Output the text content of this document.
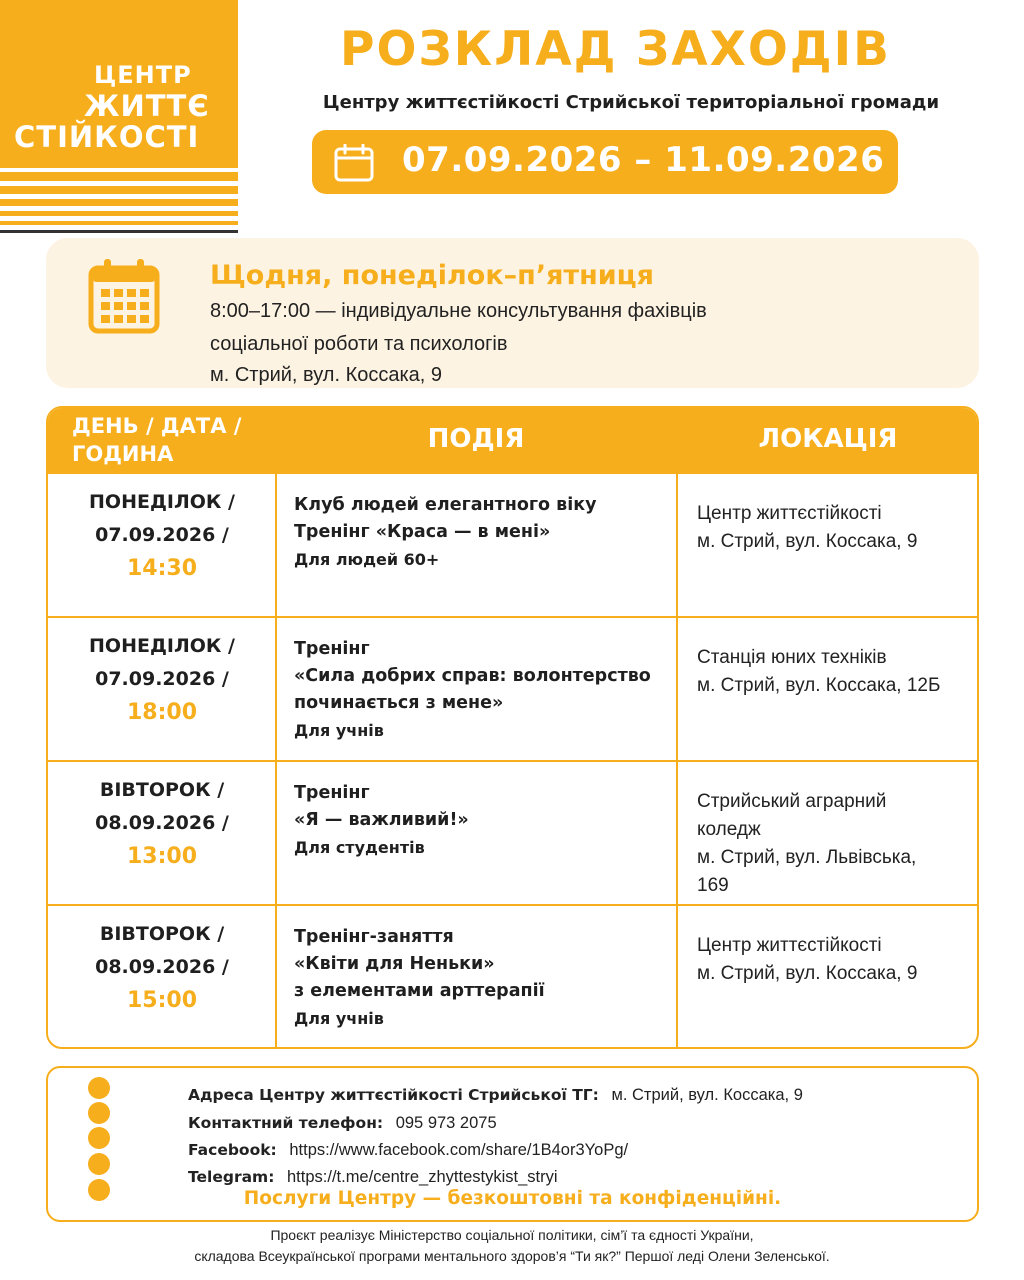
ЦЕНТР
ЖИТТЄ
СТІЙКОСТІ
РОЗКЛАД ЗАХОДІВ
Центру життєстійкості Стрийської територіальної громади
07.09.2026 – 11.09.2026
Щодня, понеділок–п’ятниця
8:00–17:00 — індивідуальне консультування фахівців
соціальної роботи та психологів
м. Стрий, вул. Коссака, 9
ДЕНЬ / ДАТА /
ГОДИНА	ПОДІЯ	ЛОКАЦІЯ
ПОНЕДІЛОК /
07.09.2026 /
14:30
Клуб людей елегантного віку
Тренінг «Краса — в мені»
Для людей 60+
Центр життєстійкості
м. Стрий, вул. Коссака, 9
ПОНЕДІЛОК /
07.09.2026 /
18:00
Тренінг
«Сила добрих справ: волонтерство
починається з мене»
Для учнів
Станція юних техніків
м. Стрий, вул. Коссака, 12Б
ВІВТОРОК /
08.09.2026 /
13:00
Тренінг
«Я — важливий!»
Для студентів
Стрийський аграрний
коледж
м. Стрий, вул. Львівська,
169
ВІВТОРОК /
08.09.2026 /
15:00
Тренінг-заняття
«Квіти для Неньки»
з елементами арттерапії
Для учнів
Центр життєстійкості
м. Стрий, вул. Коссака, 9
Адреса Центру життєстійкості Стрийської ТГ: м. Стрий, вул. Коссака, 9
Контактний телефон: 095 973 2075
Facebook: https://www.facebook.com/share/1B4or3YoPg/
Telegram: https://t.me/centre_zhyttestykist_stryi
Послуги Центру — безкоштовні та конфіденційні.
Проєкт реалізує Міністерство соціальної політики, сім’ї та єдності України,
складова Всеукраїнської програми ментального здоров’я “Ти як?” Першої леді Олени Зеленської.
